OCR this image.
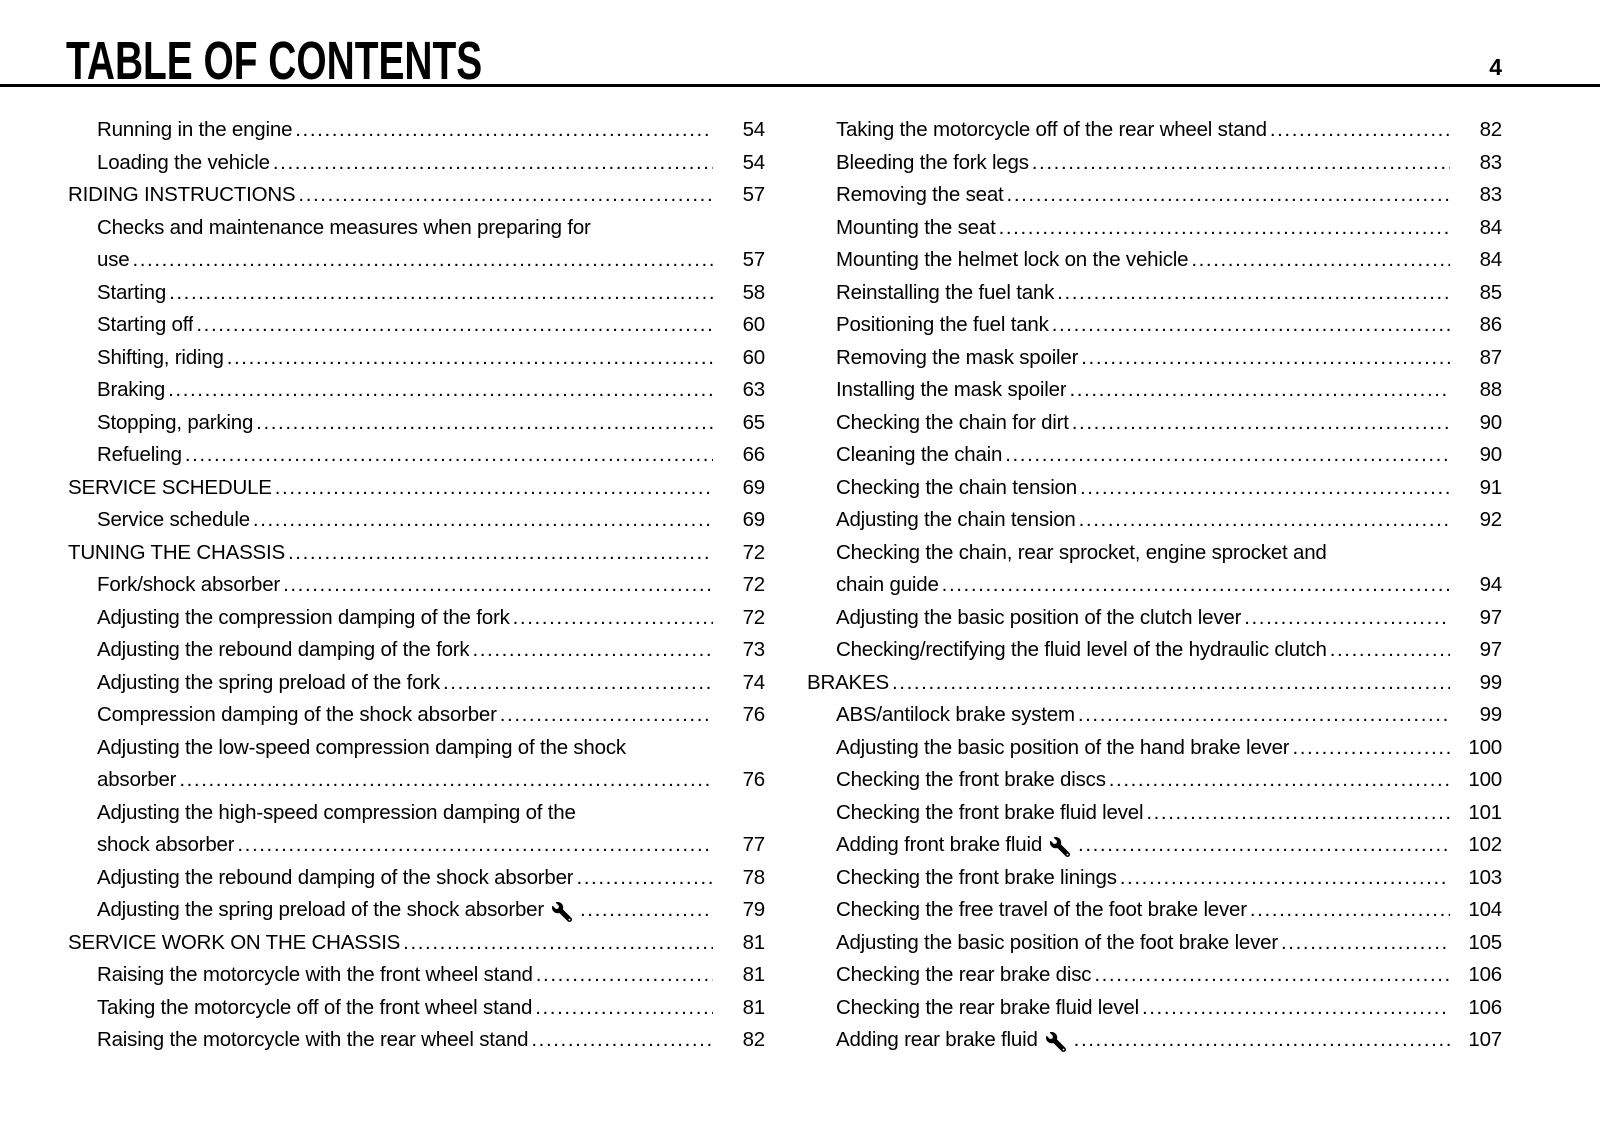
TABLE OF CONTENTS	4
Running in the engine .....	54
Loading the vehicle .....	54
RIDING INSTRUCTIONS .....	57
Checks and maintenance measures when preparing for
use .....	57
Starting .....	58
Starting off .....	60
Shifting, riding .....	60
Braking .....	63
Stopping, parking .....	65
Refueling .....	66
SERVICE SCHEDULE .....	69
Service schedule .....	69
TUNING THE CHASSIS .....	72
Fork/shock absorber .....	72
Adjusting the compression damping of the fork .....	72
Adjusting the rebound damping of the fork .....	73
Adjusting the spring preload of the fork .....	74
Compression damping of the shock absorber .....	76
Adjusting the low-speed compression damping of the shock
absorber .....	76
Adjusting the high-speed compression damping of the
shock absorber .....	77
Adjusting the rebound damping of the shock absorber .....	78
Adjusting the spring preload of the shock absorber .....	79
SERVICE WORK ON THE CHASSIS .....	81
Raising the motorcycle with the front wheel stand .....	81
Taking the motorcycle off of the front wheel stand .....	81
Raising the motorcycle with the rear wheel stand .....	82
Taking the motorcycle off of the rear wheel stand .....	82
Bleeding the fork legs .....	83
Removing the seat .....	83
Mounting the seat .....	84
Mounting the helmet lock on the vehicle .....	84
Reinstalling the fuel tank .....	85
Positioning the fuel tank .....	86
Removing the mask spoiler .....	87
Installing the mask spoiler .....	88
Checking the chain for dirt .....	90
Cleaning the chain .....	90
Checking the chain tension .....	91
Adjusting the chain tension .....	92
Checking the chain, rear sprocket, engine sprocket and
chain guide .....	94
Adjusting the basic position of the clutch lever .....	97
Checking/rectifying the fluid level of the hydraulic clutch .....	97
BRAKES .....	99
ABS/antilock brake system .....	99
Adjusting the basic position of the hand brake lever .....	100
Checking the front brake discs .....	100
Checking the front brake fluid level .....	101
Adding front brake fluid .....	102
Checking the front brake linings .....	103
Checking the free travel of the foot brake lever .....	104
Adjusting the basic position of the foot brake lever .....	105
Checking the rear brake disc .....	106
Checking the rear brake fluid level .....	106
Adding rear brake fluid .....	107
